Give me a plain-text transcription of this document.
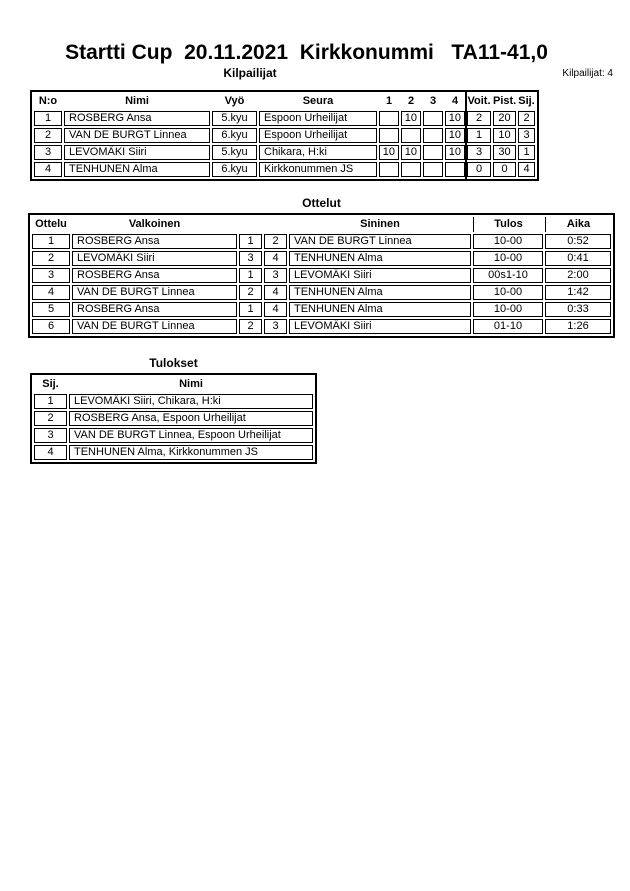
Startti Cup  20.11.2021  Kirkkonummi   TA11-41,0
Kilpailijat	Kilpailijat: 4
N:o	Nimi	Vyö	Seura	1	2	3	4	Voit.	Pist.	Sij.
1	ROSBERG Ansa	5.kyu	Espoon Urheilijat		10		10	2	20	2
2	VAN DE BURGT Linnea	6.kyu	Espoon Urheilijat				10	1	10	3
3	LEVOMÄKI Siiri	5.kyu	Chikara, H:ki	10	10		10	3	30	1
4	TENHUNEN Alma	6.kyu	Kirkkonummen JS					0	0	4
Ottelut
Ottelu	Valkoinen			Sininen	Tulos	Aika
1	ROSBERG Ansa	1	2	VAN DE BURGT Linnea	10-00	0:52
2	LEVOMÄKI Siiri	3	4	TENHUNEN Alma	10-00	0:41
3	ROSBERG Ansa	1	3	LEVOMÄKI Siiri	00s1-10	2:00
4	VAN DE BURGT Linnea	2	4	TENHUNEN Alma	10-00	1:42
5	ROSBERG Ansa	1	4	TENHUNEN Alma	10-00	0:33
6	VAN DE BURGT Linnea	2	3	LEVOMÄKI Siiri	01-10	1:26
Tulokset
Sij.	Nimi
1	LEVOMÄKI Siiri, Chikara, H:ki
2	ROSBERG Ansa, Espoon Urheilijat
3	VAN DE BURGT Linnea, Espoon Urheilijat
4	TENHUNEN Alma, Kirkkonummen JS
